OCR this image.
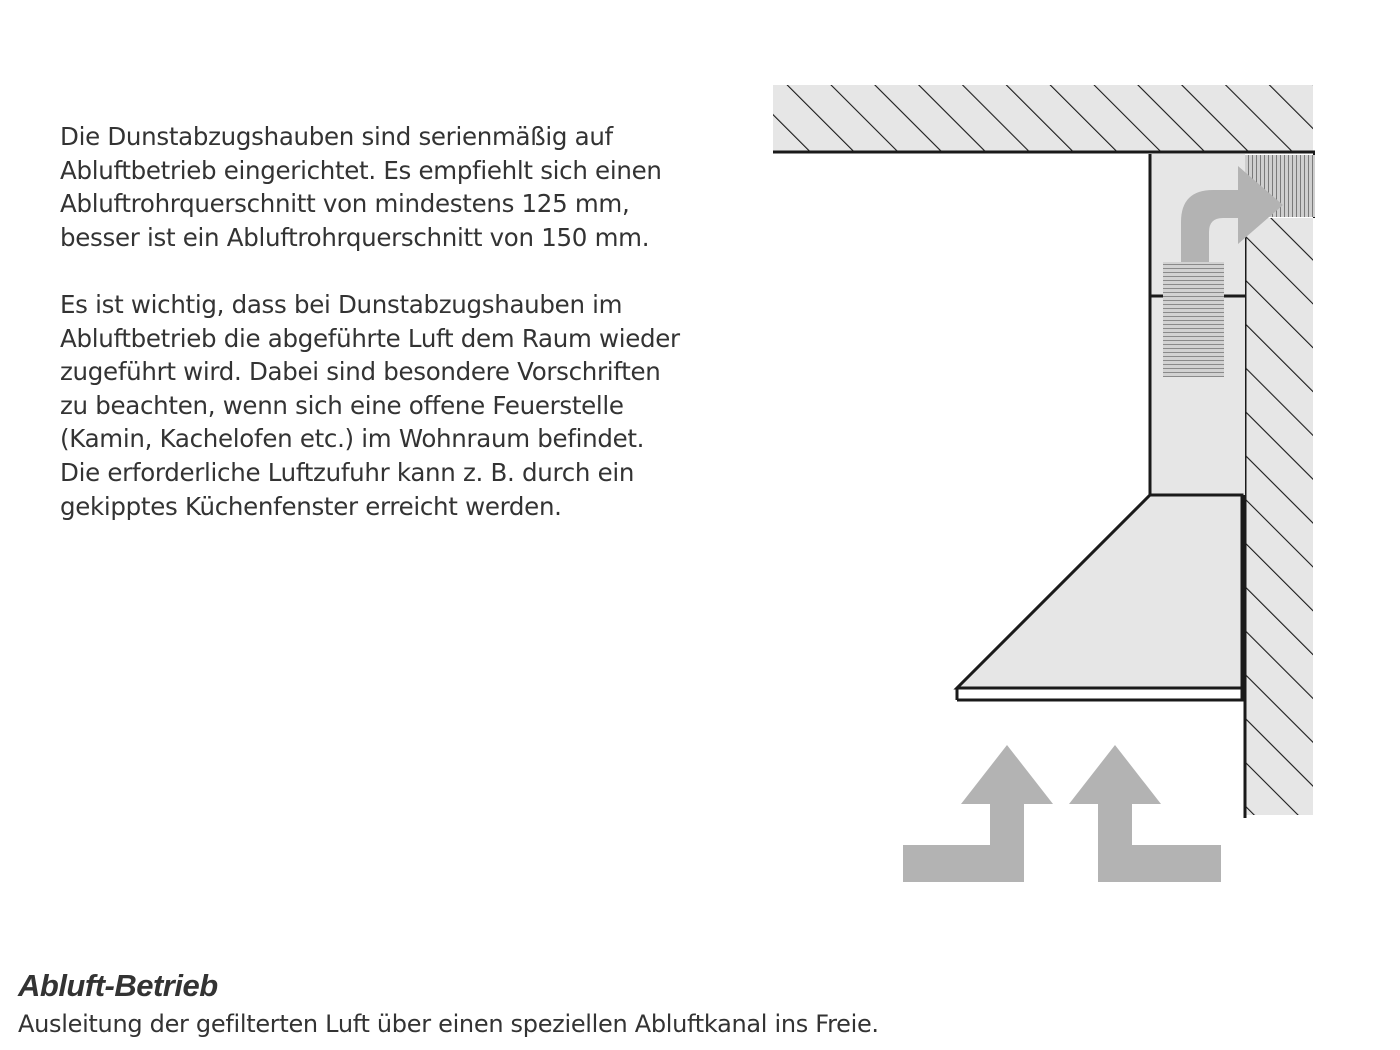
Die Dunstabzugshauben sind serienmäßig auf
Abluftbetrieb eingerichtet. Es empfiehlt sich einen
Abluftrohrquerschnitt von mindestens 125 mm,
besser ist ein Abluftrohrquerschnitt von 150 mm.

Es ist wichtig, dass bei Dunstabzugshauben im
Abluftbetrieb die abgeführte Luft dem Raum wieder
zugeführt wird. Dabei sind besondere Vorschriften
zu beachten, wenn sich eine offene Feuerstelle
(Kamin, Kachelofen etc.) im Wohnraum befindet.
Die erforderliche Luftzufuhr kann z. B. durch ein
gekipptes Küchenfenster erreicht werden.

Abluft-Betrieb

Ausleitung der gefilterten Luft über einen speziellen Abluftkanal ins Freie.
